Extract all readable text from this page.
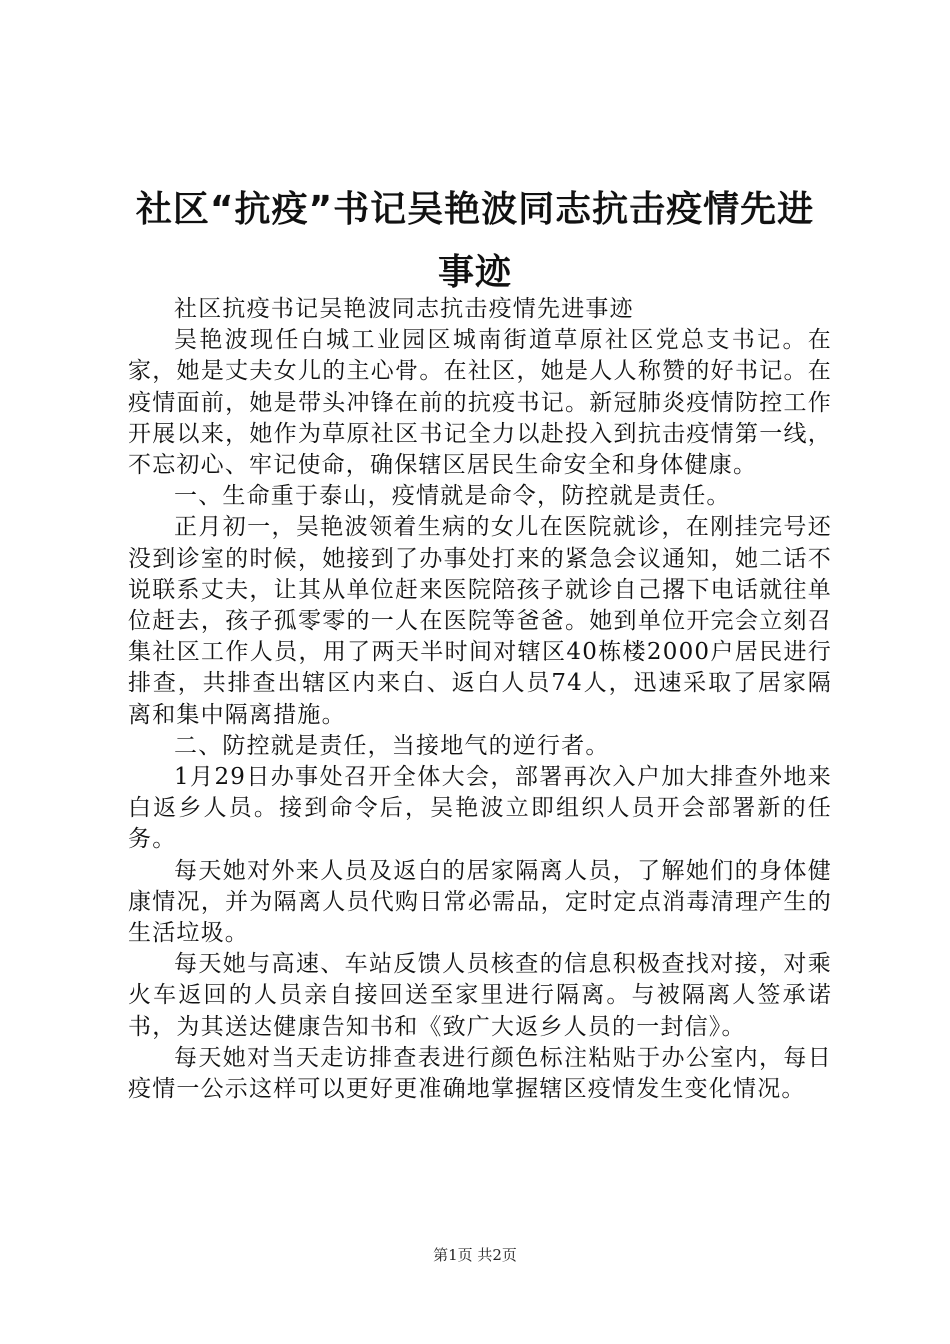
社区“抗疫”书记吴艳波同志抗击疫情先进事迹

社区抗疫书记吴艳波同志抗击疫情先进事迹

吴艳波现任白城工业园区城南街道草原社区党总支书记。在家，她是丈夫女儿的主心骨。在社区，她是人人称赞的好书记。在疫情面前，她是带头冲锋在前的抗疫书记。新冠肺炎疫情防控工作开展以来，她作为草原社区书记全力以赴投入到抗击疫情第一线，不忘初心、牢记使命，确保辖区居民生命安全和身体健康。

一、生命重于泰山，疫情就是命令，防控就是责任。

正月初一，吴艳波领着生病的女儿在医院就诊，在刚挂完号还没到诊室的时候，她接到了办事处打来的紧急会议通知，她二话不说联系丈夫，让其从单位赶来医院陪孩子就诊自己撂下电话就往单位赶去，孩子孤零零的一人在医院等爸爸。她到单位开完会立刻召集社区工作人员，用了两天半时间对辖区40栋楼2000户居民进行排查，共排查出辖区内来白、返白人员74人，迅速采取了居家隔离和集中隔离措施。

二、防控就是责任，当接地气的逆行者。

1月29日办事处召开全体大会，部署再次入户加大排查外地来白返乡人员。接到命令后，吴艳波立即组织人员开会部署新的任务。

每天她对外来人员及返白的居家隔离人员，了解她们的身体健康情况，并为隔离人员代购日常必需品，定时定点消毒清理产生的生活垃圾。

每天她与高速、车站反馈人员核查的信息积极查找对接，对乘火车返回的人员亲自接回送至家里进行隔离。与被隔离人签承诺书，为其送达健康告知书和《致广大返乡人员的一封信》。

每天她对当天走访排查表进行颜色标注粘贴于办公室内，每日疫情一公示这样可以更好更准确地掌握辖区疫情发生变化情况。

第1页 共2页
